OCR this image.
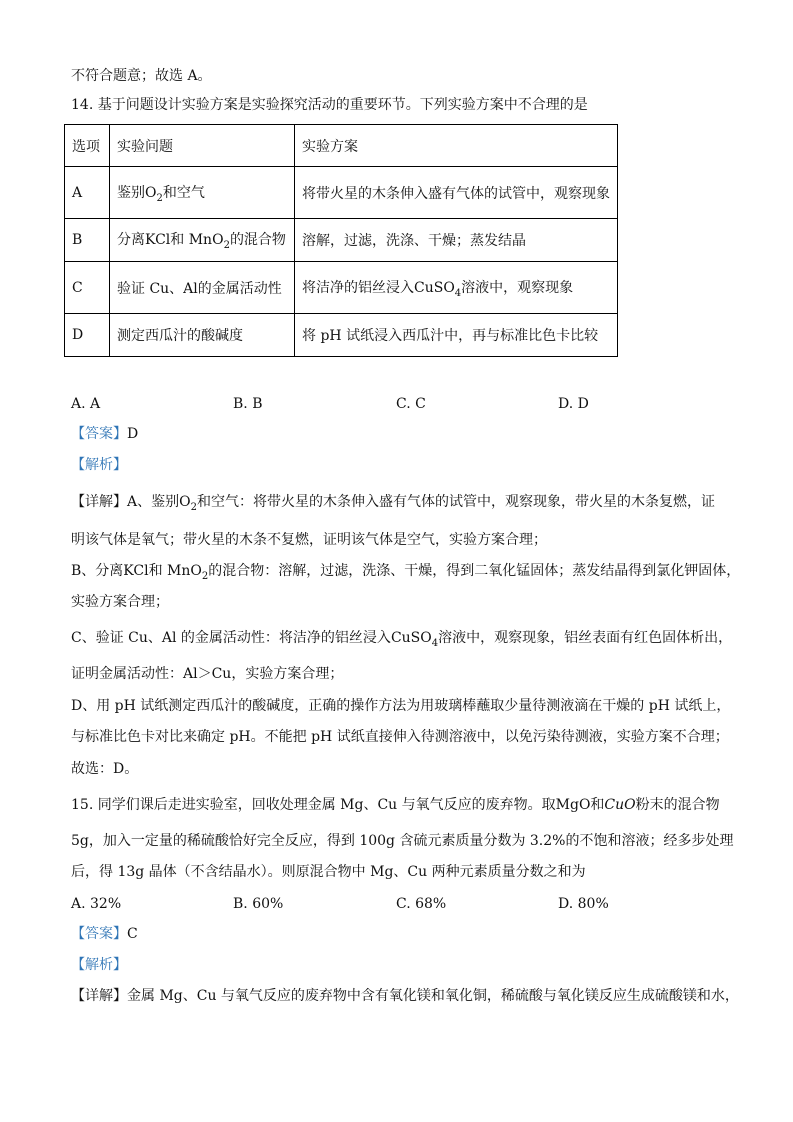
不符合题意；故选 A。
14. 基于问题设计实验方案是实验探究活动的重要环节。下列实验方案中不合理的是
选项	实验问题	实验方案
A	鉴别$O_2$和空气	将带火星的木条伸入盛有气体的试管中，观察现象
B	分离KCl和 MnO$_2$的混合物	溶解，过滤，洗涤、干燥；蒸发结晶
C	验证 Cu、Al的金属活动性	将洁净的铝丝浸入CuSO$_4$溶液中，观察现象
D	测定西瓜汁的酸碱度	将 pH 试纸浸入西瓜汁中，再与标准比色卡比较
A. A	B. B	C. C	D. D
【答案】D
【解析】
【详解】A、鉴别$O_2$和空气：将带火星的木条伸入盛有气体的试管中，观察现象，带火星的木条复燃，证
明该气体是氧气；带火星的木条不复燃，证明该气体是空气，实验方案合理；
B、分离KCl和 MnO$_2$的混合物：溶解，过滤，洗涤、干燥，得到二氧化锰固体；蒸发结晶得到氯化钾固体，
实验方案合理；
C、验证 Cu、Al 的金属活动性：将洁净的铝丝浸入CuSO$_4$溶液中，观察现象，铝丝表面有红色固体析出，
证明金属活动性：Al＞Cu，实验方案合理；
D、用 pH 试纸测定西瓜汁的酸碱度，正确的操作方法为用玻璃棒蘸取少量待测液滴在干燥的 pH 试纸上，
与标准比色卡对比来确定 pH。不能把 pH 试纸直接伸入待测溶液中，以免污染待测液，实验方案不合理；
故选：D。
15. 同学们课后走进实验室，回收处理金属 Mg、Cu 与氧气反应的废弃物。取MgO和CuO粉末的混合物
5g，加入一定量的稀硫酸恰好完全反应，得到 100g 含硫元素质量分数为 3.2%的不饱和溶液；经多步处理
后，得 13g 晶体（不含结晶水）。则原混合物中 Mg、Cu 两种元素质量分数之和为
A. 32%	B. 60%	C. 68%	D. 80%
【答案】C
【解析】
【详解】金属 Mg、Cu 与氧气反应的废弃物中含有氧化镁和氧化铜，稀硫酸与氧化镁反应生成硫酸镁和水，
